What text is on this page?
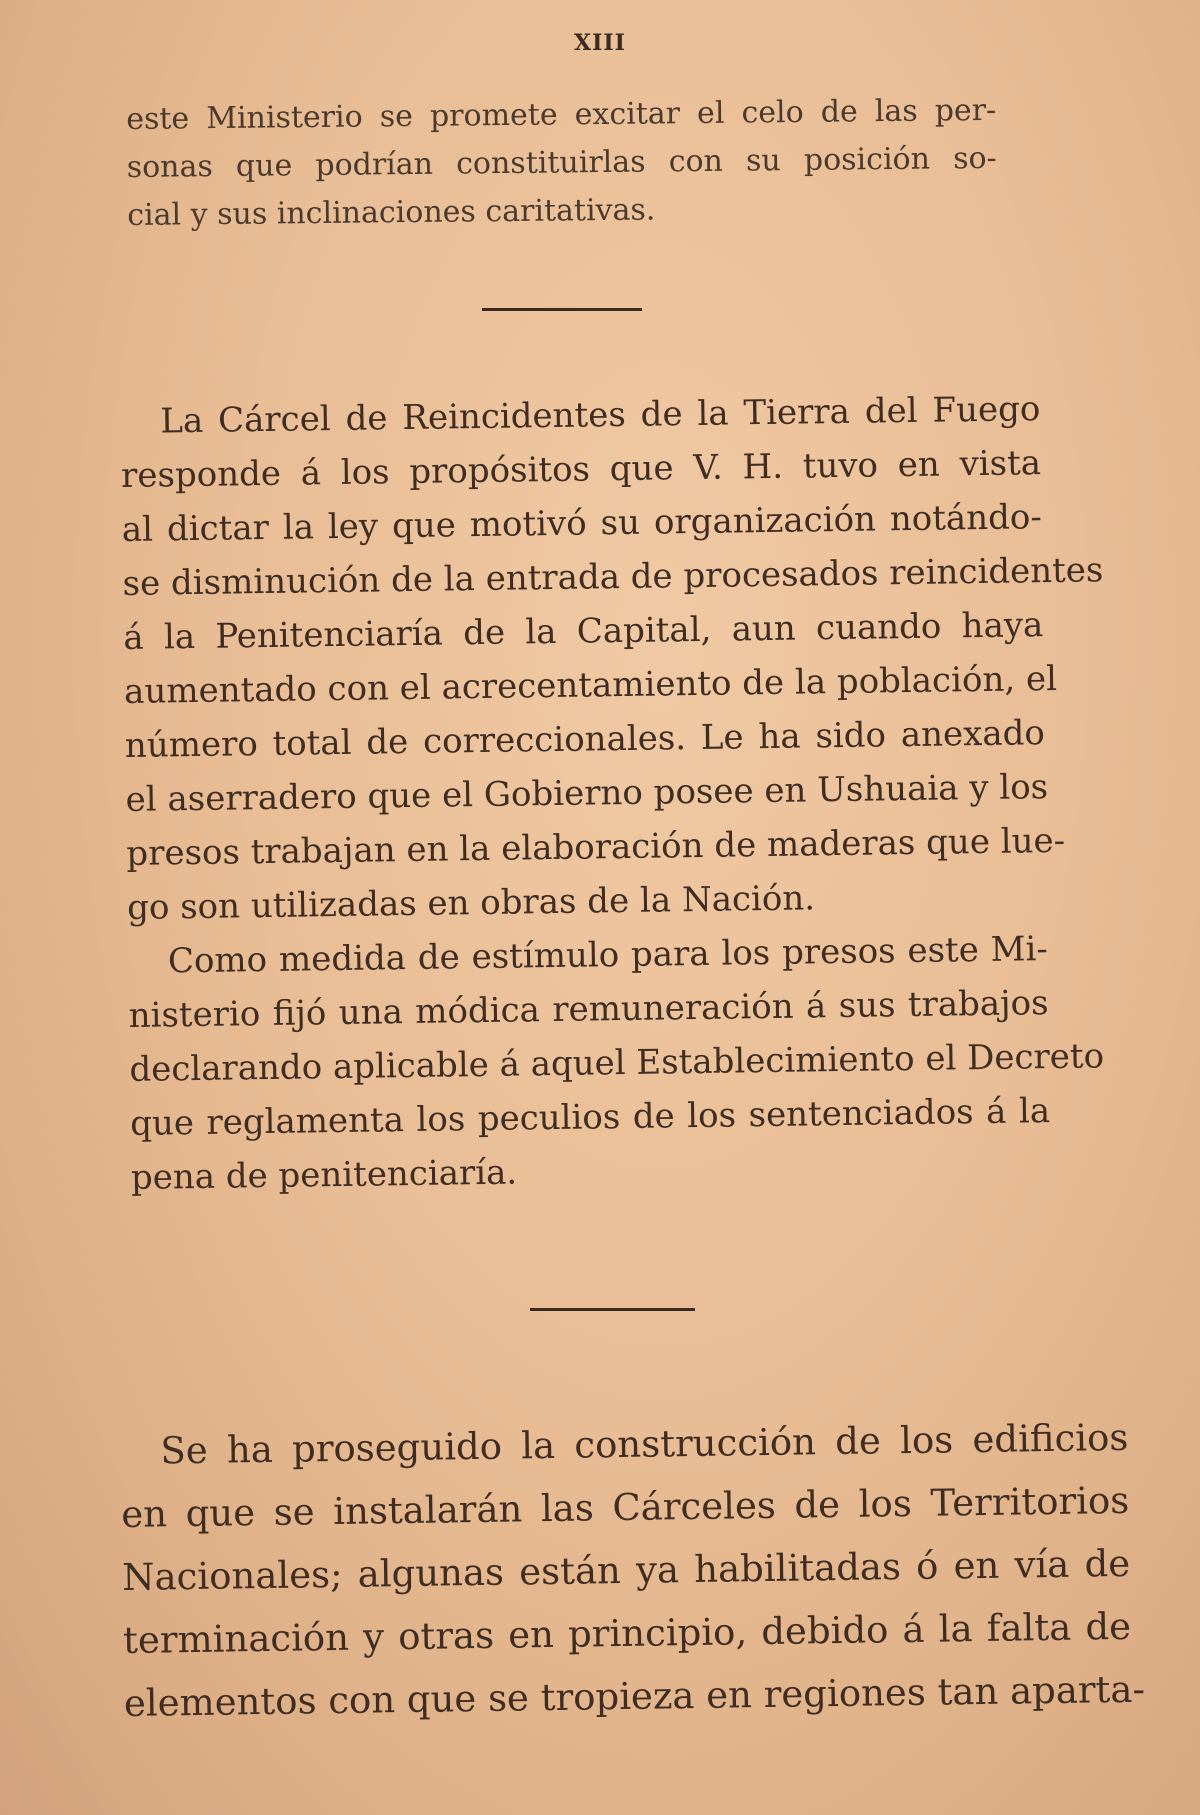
XIII
este Ministerio se promete excitar el celo de las per-
sonas que podrían constituirlas con su posición so-
cial y sus inclinaciones caritativas.
La Cárcel de Reincidentes de la Tierra del Fuego
responde á los propósitos que V. H. tuvo en vista
al dictar la ley que motivó su organización notándo-
se disminución de la entrada de procesados reincidentes
á la Penitenciaría de la Capital, aun cuando haya
aumentado con el acrecentamiento de la población, el
número total de correccionales. Le ha sido anexado
el aserradero que el Gobierno posee en Ushuaia y los
presos trabajan en la elaboración de maderas que lue-
go son utilizadas en obras de la Nación.
Como medida de estímulo para los presos este Mi-
nisterio fijó una módica remuneración á sus trabajos
declarando aplicable á aquel Establecimiento el Decreto
que reglamenta los peculios de los sentenciados á la
pena de penitenciaría.
Se ha proseguido la construcción de los edificios
en que se instalarán las Cárceles de los Territorios
Nacionales; algunas están ya habilitadas ó en vía de
terminación y otras en principio, debido á la falta de
elementos con que se tropieza en regiones tan aparta-
